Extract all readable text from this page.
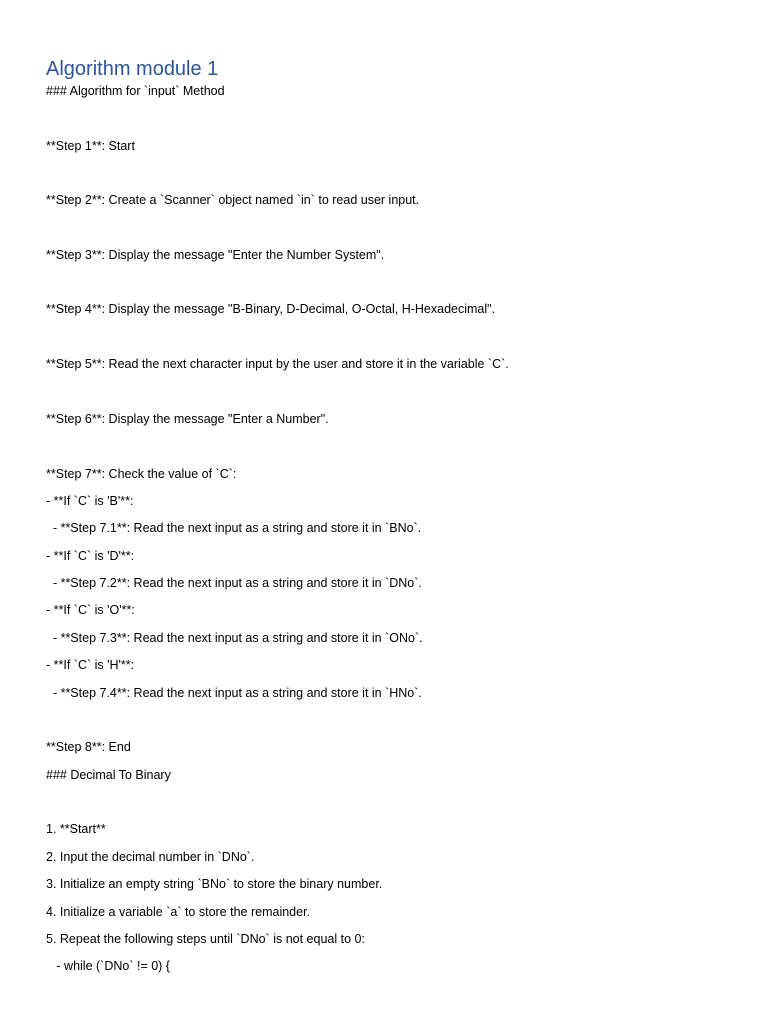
Algorithm module 1
### Algorithm for `input` Method
**Step 1**: Start
**Step 2**: Create a `Scanner` object named `in` to read user input.
**Step 3**: Display the message "Enter the Number System".
**Step 4**: Display the message "B-Binary, D-Decimal, O-Octal, H-Hexadecimal".
**Step 5**: Read the next character input by the user and store it in the variable `C`.
**Step 6**: Display the message "Enter a Number".
**Step 7**: Check the value of `C`:
- **If `C` is 'B'**:
- **Step 7.1**: Read the next input as a string and store it in `BNo`.
- **If `C` is 'D'**:
- **Step 7.2**: Read the next input as a string and store it in `DNo`.
- **If `C` is 'O'**:
- **Step 7.3**: Read the next input as a string and store it in `ONo`.
- **If `C` is 'H'**:
- **Step 7.4**: Read the next input as a string and store it in `HNo`.
**Step 8**: End
### Decimal To Binary
1. **Start**
2. Input the decimal number in `DNo`.
3. Initialize an empty string `BNo` to store the binary number.
4. Initialize a variable `a` to store the remainder.
5. Repeat the following steps until `DNo` is not equal to 0:
- while (`DNo` != 0) {
